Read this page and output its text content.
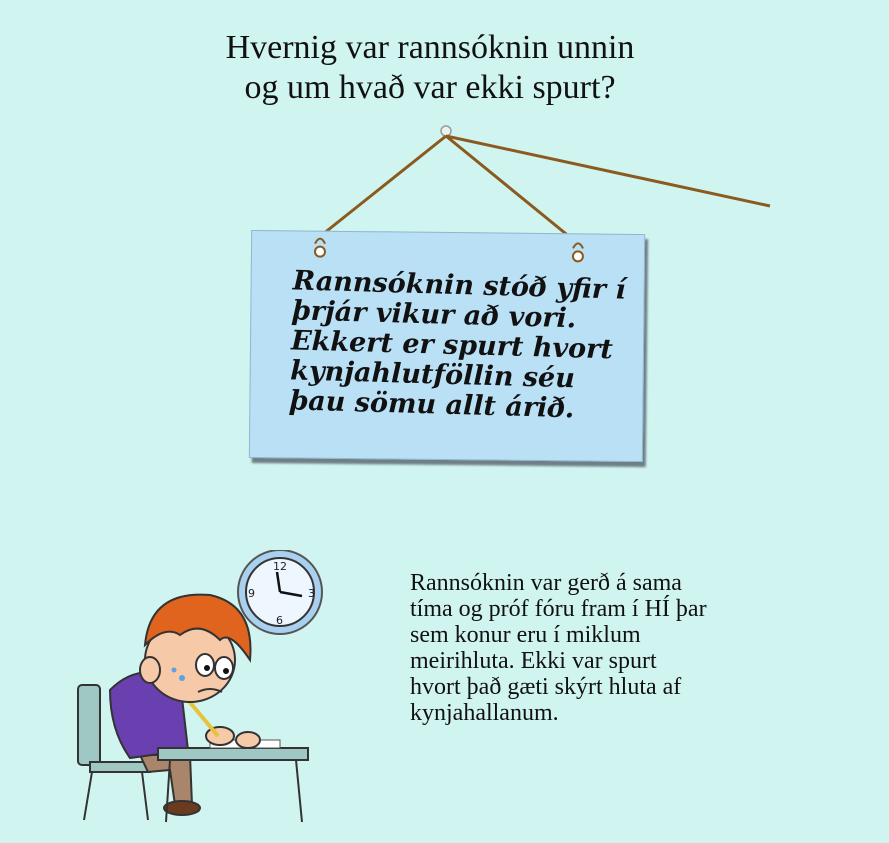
Hvernig var rannsóknin unnin
og um hvað var ekki spurt?
Rannsóknin stóð yfir í
þrjár vikur að vori.
Ekkert er spurt hvort
kynjahlutföllin séu
þau sömu allt árið.
12
3
6
9	Rannsóknin var gerð á sama
tíma og próf fóru fram í HÍ þar
sem konur eru í miklum
meirihluta. Ekki var spurt
hvort það gæti skýrt hluta af
kynjahallanum.
